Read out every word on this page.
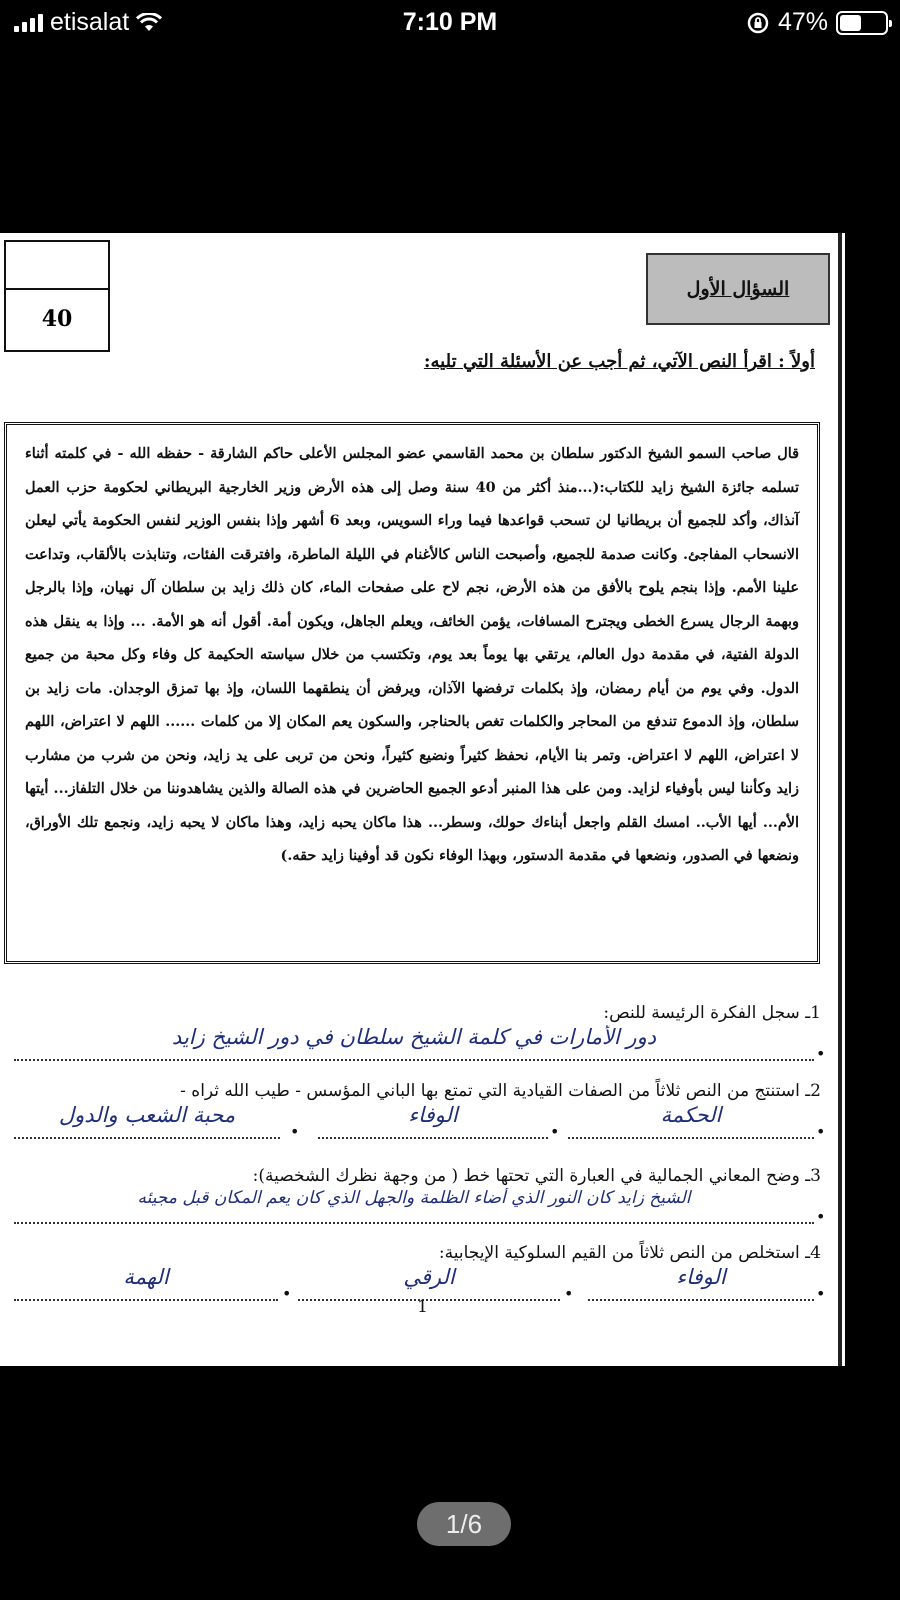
etisalat	7:10 PM	47%
40
السؤال الأول
أولاً : اقرأ النص الآتي، ثم أجب عن الأسئلة التي تليه:
قال صاحب السمو الشيخ الدكتور سلطان بن محمد القاسمي عضو المجلس الأعلى حاكم الشارقة - حفظه الله - في كلمته أثناء تسلمه جائزة الشيخ زايد للكتاب:(...منذ أكثر من 40 سنة وصل إلى هذه الأرض وزير الخارجية البريطاني لحكومة حزب العمل آنذاك، وأكد للجميع أن بريطانيا لن تسحب قواعدها فيما وراء السويس، وبعد 6 أشهر وإذا بنفس الوزير لنفس الحكومة يأتي ليعلن الانسحاب المفاجئ. وكانت صدمة للجميع، وأصبحت الناس كالأغنام في الليلة الماطرة، وافترقت الفئات، وتنابذت بالألقاب، وتداعت علينا الأمم. وإذا بنجم يلوح بالأفق من هذه الأرض، نجم لاح على صفحات الماء، كان ذلك زايد بن سلطان آل نهيان، وإذا بالرجل وبهمة الرجال يسرع الخطى ويجترح المسافات، يؤمن الخائف، ويعلم الجاهل، ويكون أمة. أقول أنه هو الأمة. ... وإذا به ينقل هذه الدولة الفتية، في مقدمة دول العالم، يرتقي بها يوماً بعد يوم، وتكتسب من خلال سياسته الحكيمة كل وفاء وكل محبة من جميع الدول. وفي يوم من أيام رمضان، وإذ بكلمات ترفضها الآذان، ويرفض أن ينطقهما اللسان، وإذ بها تمزق الوجدان. مات زايد بن سلطان، وإذ الدموع تندفع من المحاجر والكلمات تغص بالحناجر، والسكون يعم المكان إلا من كلمات ...... اللهم لا اعتراض، اللهم لا اعتراض، اللهم لا اعتراض. وتمر بنا الأيام، نحفظ كثيراً ونضيع كثيراً، ونحن من تربى على يد زايد، ونحن من شرب من مشارب زايد وكأننا ليس بأوفياء لزايد. ومن على هذا المنبر أدعو الجميع الحاضرين في هذه الصالة والذين يشاهدوننا من خلال التلفاز... أيتها الأم... أيها الأب.. امسك القلم واجعل أبناءك حولك، وسطر... هذا ماكان يحبه زايد، وهذا ماكان لا يحبه زايد، ونجمع تلك الأوراق، ونضعها في الصدور، ونضعها في مقدمة الدستور، وبهذا الوفاء نكون قد أوفينا زايد حقه.)
1ـ سجل الفكرة الرئيسة للنص:
دور الأمارات في كلمة الشيخ سلطان في دور الشيخ زايد
•
2ـ استنتج من النص ثلاثاً من الصفات القيادية التي تمتع بها الباني المؤسس - طيب الله ثراه -
الحكمة
•
الوفاء
•
محبة الشعب والدول
•
3ـ وضح المعاني الجمالية في العبارة التي تحتها خط ( من وجهة نظرك الشخصية):
الشيخ زايد كان النور الذي أضاء الظلمة والجهل الذي كان يعم المكان قبل مجيئه
•
4ـ استخلص من النص ثلاثاً من القيم السلوكية الإيجابية:
الوفاء
•
الرقي
•
الهمة
•
1
1/6
